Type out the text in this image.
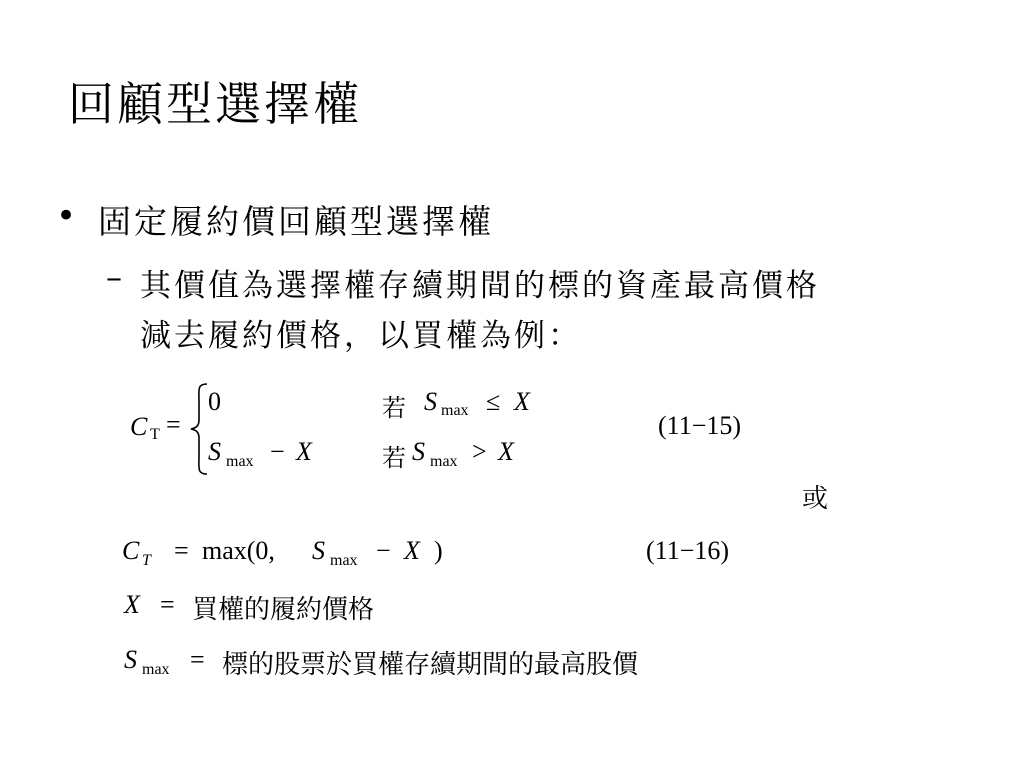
回顧型選擇權
• 固定履約價回顧型選擇權
– 其價值為選擇權存續期間的標的資產最高價格
減去履約價格，以買權為例：
C T =
0	若 S max ≤ X
S max − X	若 S max > X
(11−15)
或
C T = max(0, S max − X )	(11−16)
X = 買權的履約價格
S max = 標的股票於買權存續期間的最高股價
